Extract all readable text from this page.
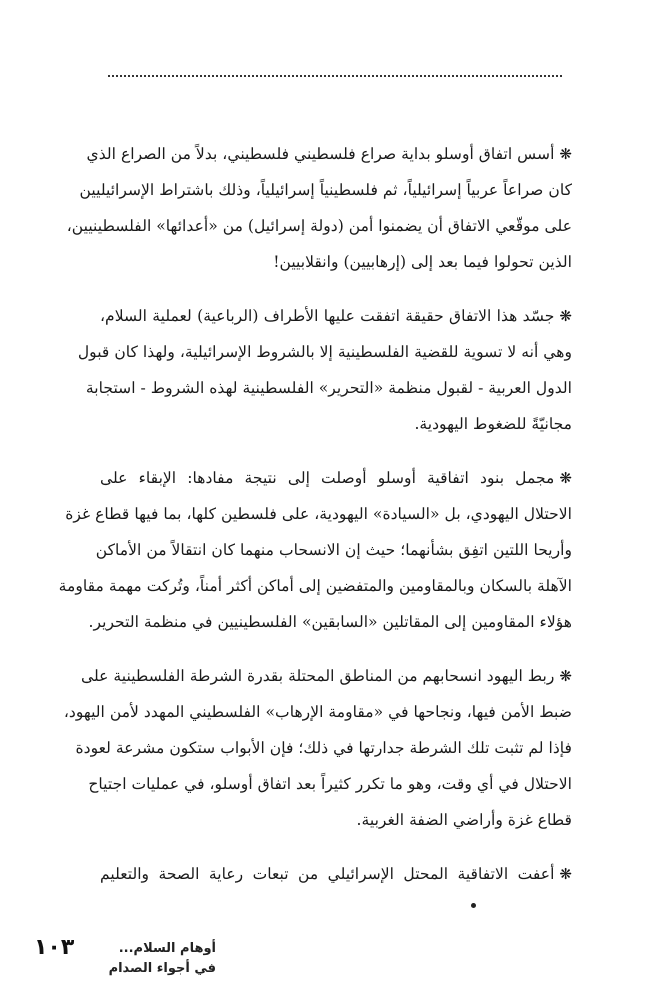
❋أسس اتفاق أوسلو بداية صراع فلسطيني فلسطيني، بدلاً من الصراع الذي
كان صراعاً عربياً إسرائيلياً، ثم فلسطينياً إسرائيلياً، وذلك باشتراط الإسرائيليين
على موقّعي الاتفاق أن يضمنوا أمن (دولة إسرائيل) من «أعدائها» الفلسطينيين،
الذين تحولوا فيما بعد إلى (إرهابيين) وانقلابيين!
❋جسّد هذا الاتفاق حقيقة اتفقت عليها الأطراف (الرباعية) لعملية السلام،
وهي أنه لا تسوية للقضية الفلسطينية إلا بالشروط الإسرائيلية، ولهذا كان قبول
الدول العربية - لقبول منظمة «التحرير» الفلسطينية لهذه الشروط - استجابة
مجانيّةً للضغوط اليهودية.
❋مجمل بنود اتفاقية أوسلو أوصلت إلى نتيجة مفادها: الإبقاء على
الاحتلال اليهودي، بل «السيادة» اليهودية، على فلسطين كلها، بما فيها قطاع غزة
وأريحا اللتين اتفِق بشأنهما؛ حيث إن الانسحاب منهما كان انتقالاً من الأماكن
الآهلة بالسكان وبالمقاومين والمتفضين إلى أماكن أكثر أمناً، وتُركت مهمة مقاومة
هؤلاء المقاومين إلى المقاتلين «السابقين» الفلسطينيين في منظمة التحرير.
❋ربط اليهود انسحابهم من المناطق المحتلة بقدرة الشرطة الفلسطينية على
ضبط الأمن فيها، ونجاحها في «مقاومة الإرهاب» الفلسطيني المهدد لأمن اليهود،
فإذا لم تثبت تلك الشرطة جدارتها في ذلك؛ فإن الأبواب ستكون مشرعة لعودة
الاحتلال في أي وقت، وهو ما تكرر كثيراً بعد اتفاق أوسلو، في عمليات اجتياح
قطاع غزة وأراضي الضفة الغربية.
❋أعفت الاتفاقية المحتل الإسرائيلي من تبعات رعاية الصحة والتعليم
١٠٣	أوهام السلام...
في أجواء الصدام
